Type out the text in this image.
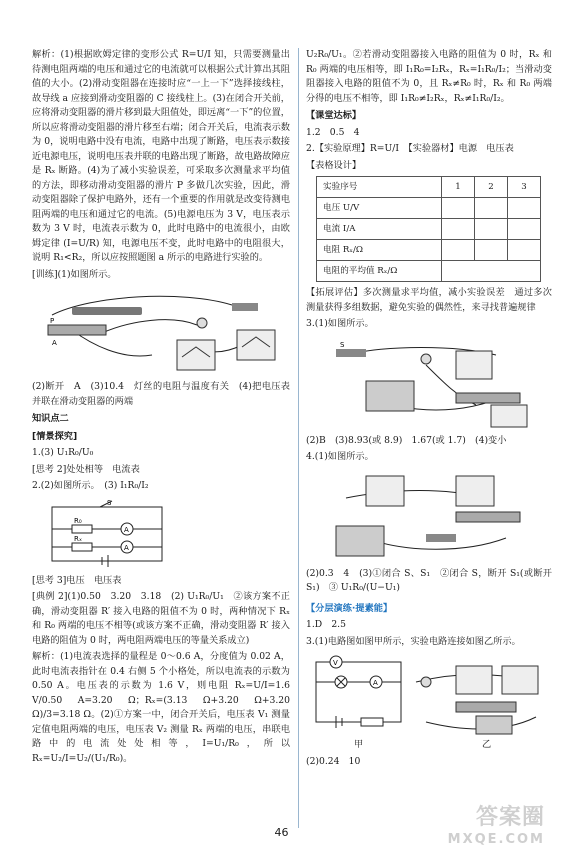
解析：(1)根据欧姆定律的变形公式 R=U/I 知，只需要测量出待测电阻两端的电压和通过它的电流就可以根据公式计算出其阻值的大小。(2)滑动变阻器在连接时应“一上一下”选择接线柱，故导线 a 应接到滑动变阻器的 C 接线柱上。(3)在闭合开关前，应将滑动变阻器的滑片移到最大阻值处，即远离“一下”的位置，所以应将滑动变阻器的滑片移至右端；闭合开关后，电流表示数为 0，说明电路中没有电流，电路中出现了断路，电压表示数接近电源电压，说明电压表并联的电路出现了断路，故电路故障应是 Rₓ 断路。(4)为了减小实验误差，可采取多次测量求平均值的方法，即移动滑动变阻器的滑片 P 多做几次实验，因此，滑动变阻器除了保护电路外，还有一个重要的作用就是改变待测电阻两端的电压和通过它的电流。(5)电源电压为 3 V，电压表示数为 3 V 时，电流表示数为 0，此时电路中的电流很小，由欧姆定律 (I=U/R) 知，电源电压不变，此时电路中的电阻很大，说明 R₁<R₂，所以应按照题图 a 所示的电路进行实验的。

[训练](1)如图所示。

P
A

(2)断开　A　(3)10.4　灯丝的电阻与温度有关　(4)把电压表并联在滑动变阻器的两端

知识点二
[情景探究]

1.(3) U₁R₀/U₀

[思考 2]处处相等　电流表

2.(2)如图所示。　(3) I₁R₀/I₂

A
A
R₀
Rₓ
S

[思考 3]电压　电压表

[典例 2](1)0.50　3.20　3.18　(2) U₁R₀/U₁　②该方案不正确，滑动变阻器 R′ 接入电路的阻值不为 0 时，两种情况下 Rₓ 和 R₀ 两端的电压不相等(或该方案不正确，滑动变阻器 R′ 接入电路的阻值为 0 时，两电阻两端电压的等量关系成立)

解析：(1)电流表选择的量程是 0～0.6 A，分度值为 0.02 A，此时电流表指针在 0.4 右侧 5 个小格处，所以电流表的示数为 0.50 A。电压表的示数为 1.6 V，则电阻 Rₓ=U/I=1.6 V/0.50 A=3.20 Ω；Rₓ=(3.13 Ω+3.20 Ω+3.20 Ω)/3=3.18 Ω。(2)①方案一中，闭合开关后，电压表 V₁ 测量定值电阻两端的电压，电压表 V₂ 测量 Rₓ 两端的电压，串联电路中的电流处处相等，I=U₁/R₀，所以 Rₓ=U₂/I=U₂/(U₁/R₀)。

U₂R₀/U₁。②若滑动变阻器接入电路的阻值为 0 时，Rₓ 和 R₀ 两端的电压相等，即 I₁R₀=I₂Rₓ，Rₓ=I₁R₀/I₂；当滑动变阻器接入电路的阻值不为 0，且 Rₓ≠R₀ 时，Rₓ 和 R₀ 两端分得的电压不相等，即 I₁R₀≠I₂Rₓ，Rₓ≠I₁R₀/I₂。

【课堂达标】

1.2　0.5　4

2.【实验原理】R=U/I　【实验器材】电源　电压表

【表格设计】

实验序号	1	2	3
电压 U/V			
电流 I/A			
电阻 Rₓ/Ω			
电阻的平均值 Rₓ/Ω			

【拓展评估】多次测量求平均值，减小实验误差　通过多次测量获得多组数据，避免实验的偶然性，来寻找普遍规律

3.(1)如图所示。

S

(2)B　(3)8.93(或 8.9)　1.67(或 1.7)　(4)变小

4.(1)如图所示。

(2)0.3　4　(3)①闭合 S、S₁　②闭合 S，断开 S₁(或断开 S₁)　③ U₁R₀/(U−U₁)

【分层演练·提素能】

1.D　2.5

3.(1)电路图如图甲所示，实验电路连接如图乙所示。

V
A
甲	乙

(2)0.24　10

46
答案圈
MXQE.COM
